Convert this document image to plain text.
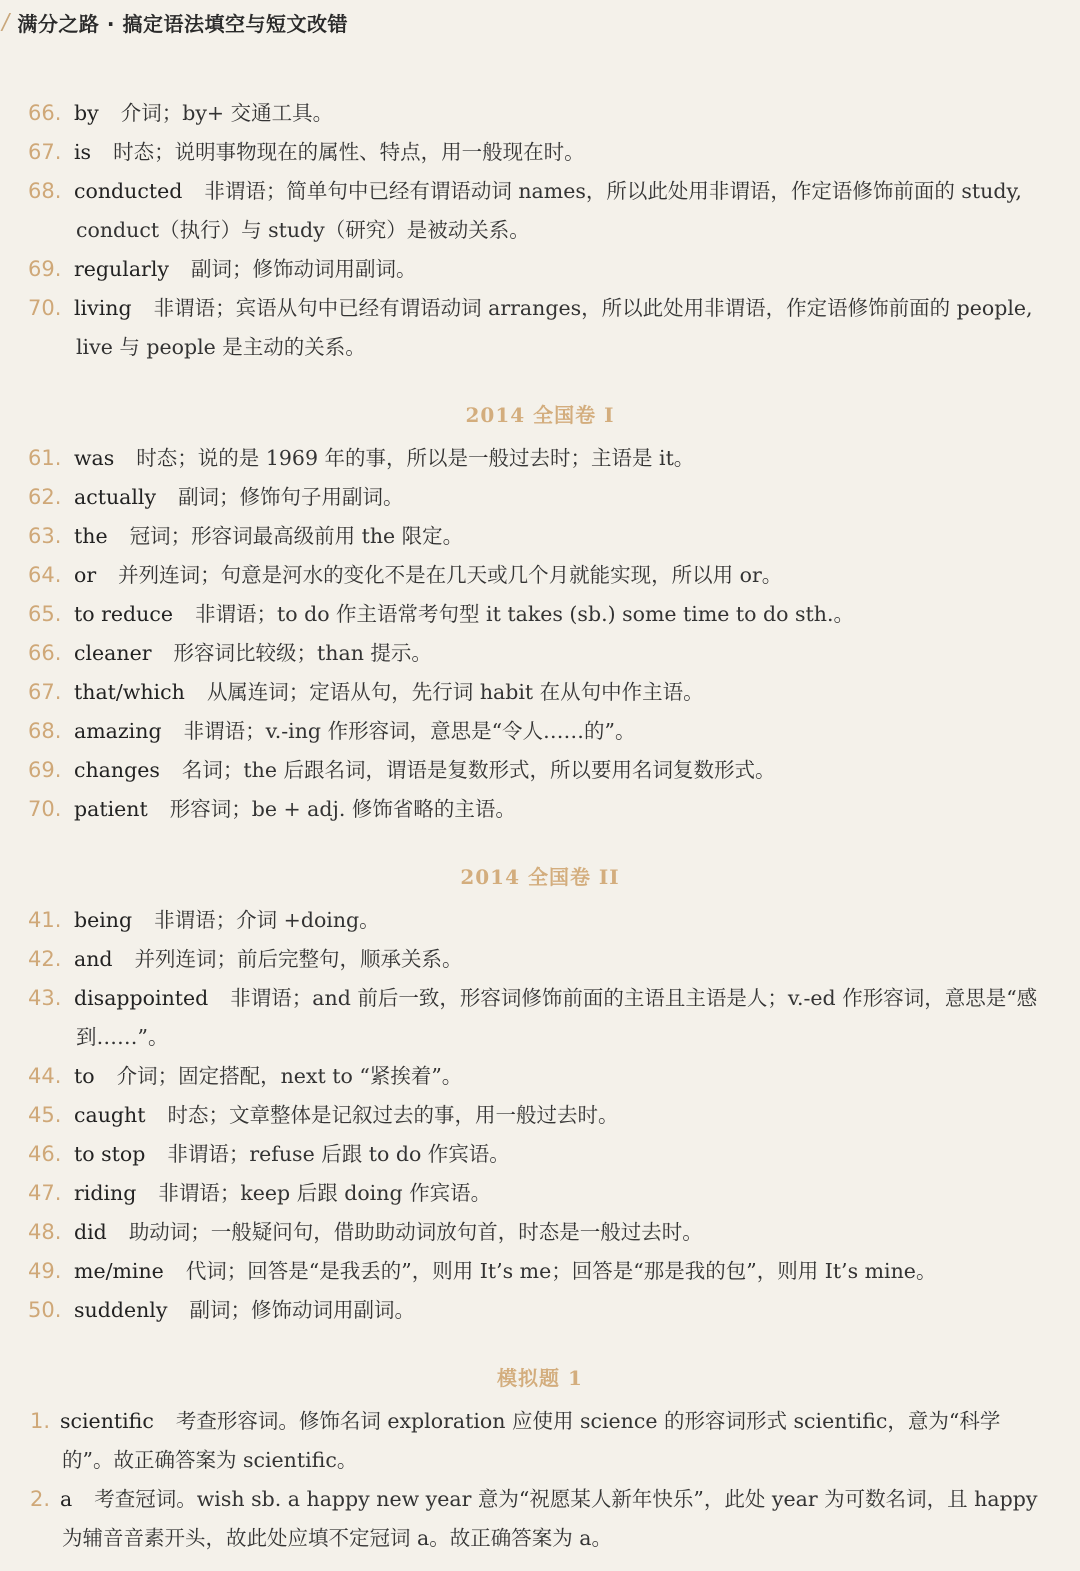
/ 满分之路 · 搞定语法填空与短文改错
66. by 介词；by+ 交通工具。
67. is 时态；说明事物现在的属性、特点，用一般现在时。
68. conducted 非谓语；简单句中已经有谓语动词 names，所以此处用非谓语，作定语修饰前面的 study, conduct（执行）与 study（研究）是被动关系。
69. regularly 副词；修饰动词用副词。
70. living 非谓语；宾语从句中已经有谓语动词 arranges，所以此处用非谓语，作定语修饰前面的 people, live 与 people 是主动的关系。
2014 全国卷 I
61. was 时态；说的是 1969 年的事，所以是一般过去时；主语是 it。
62. actually 副词；修饰句子用副词。
63. the 冠词；形容词最高级前用 the 限定。
64. or 并列连词；句意是河水的变化不是在几天或几个月就能实现，所以用 or。
65. to reduce 非谓语；to do 作主语常考句型 it takes (sb.) some time to do sth.。
66. cleaner 形容词比较级；than 提示。
67. that/which 从属连词；定语从句，先行词 habit 在从句中作主语。
68. amazing 非谓语；v.-ing 作形容词，意思是“令人……的”。
69. changes 名词；the 后跟名词，谓语是复数形式，所以要用名词复数形式。
70. patient 形容词；be + adj. 修饰省略的主语。
2014 全国卷 II
41. being 非谓语；介词 +doing。
42. and 并列连词；前后完整句，顺承关系。
43. disappointed 非谓语；and 前后一致，形容词修饰前面的主语且主语是人；v.-ed 作形容词，意思是“感到……”。
44. to 介词；固定搭配，next to “紧挨着”。
45. caught 时态；文章整体是记叙过去的事，用一般过去时。
46. to stop 非谓语；refuse 后跟 to do 作宾语。
47. riding 非谓语；keep 后跟 doing 作宾语。
48. did 助动词；一般疑问句，借助助动词放句首，时态是一般过去时。
49. me/mine 代词；回答是“是我丢的”，则用 It’s me；回答是“那是我的包”，则用 It’s mine。
50. suddenly 副词；修饰动词用副词。
模拟题 1
1. scientific 考查形容词。修饰名词 exploration 应使用 science 的形容词形式 scientific，意为“科学的”。故正确答案为 scientific。
2. a 考查冠词。wish sb. a happy new year 意为“祝愿某人新年快乐”，此处 year 为可数名词，且 happy 为辅音音素开头，故此处应填不定冠词 a。故正确答案为 a。
